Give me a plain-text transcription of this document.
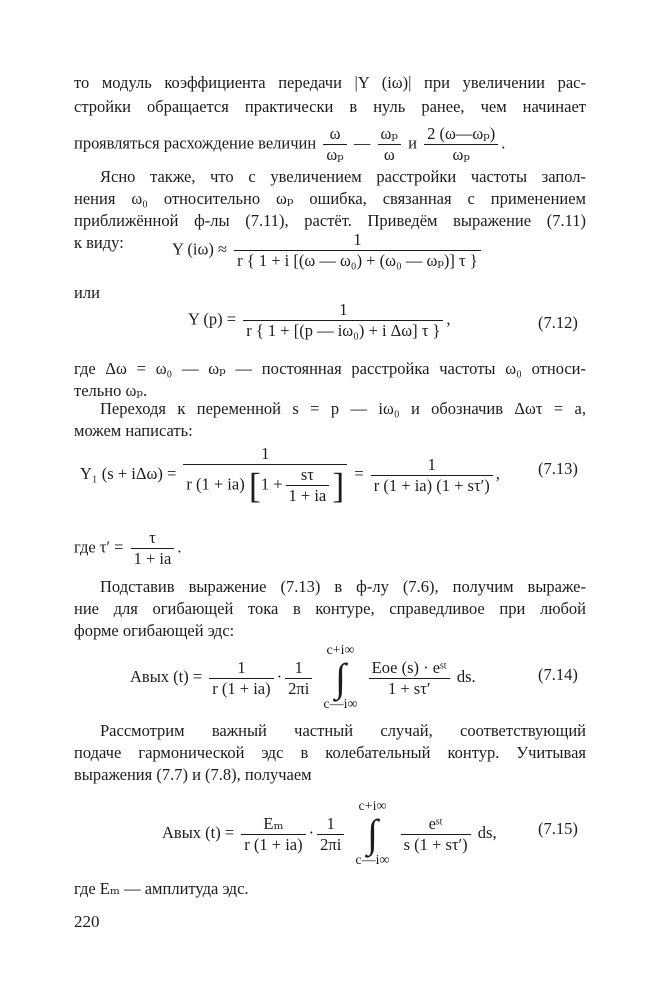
то модуль коэффициента передачи |Y (iω)| при увеличении рас-
стройки обращается практически в нуль ранее, чем начинает
проявляться расхождение величин $\frac{\omega}{\text{ωₚ}}$ — $\frac{\text{ωₚ}}{\omega}$ и $\frac{\text{2 (ω—ωₚ)}}{\text{ωₚ}}$ .
Ясно также, что с увеличением расстройки частоты запол-
нения ω₀ относительно ωₚ ошибка, связанная с применением
приближённой ф-лы (7.11), растёт. Приведём выражение (7.11)
к виду:	Y $(i\omega) \approx \frac{1}{\text{r \{ 1 + i [(ω — ω₀) + (ω₀ — ωₚ)] τ \}}}$
или
Y $(p) = \frac{1}{\text{r \{ 1 + [(p — iω₀) + i Δω] τ \}}}$ ,	(7.12)
где Δω = ω₀ — ωₚ — постоянная расстройка частоты ω₀ относи-
тельно ωₚ.
Переходя к переменной s = p — iω₀ и обозначив Δωτ = a,
можем написать:
Y₁ $(s + i\Delta\omega) = \frac{1}{r (1 + ia) [1 + \frac{s\tau}{1 + ia} ]} = \frac{1}{r (1 + ia) (1 + s\tau')}$ , (7.13)
где $\tau' = \frac{\tau}{1 + ia}$ .
Подставив выражение (7.13) в ф-лу (7.6), получим выраже-
ние для огибающей тока в контуре, справедливое при любой
форме огибающей эдс:
Aвых $(t) = \frac{1}{r (1 + ia)} \cdot \frac{1}{2\pi i}$
c+i∞
∫
c—i∞
$\frac{\text{Eое (s) · eˢᵗ}}{1 + s\tau'}$ ds.	(7.14)
Рассмотрим важный частный случай, соответствующий
подаче гармонической эдс в колебательный контур. Учитывая
выражения (7.7) и (7.8), получаем
Aвых $(t) = \frac{\text{Eₘ}}{r (1 + ia)} \cdot \frac{1}{2\pi i}$
c+i∞
∫
c—i∞
$\frac{\text{eˢᵗ}}{s (1 + s\tau')}$ ds,	(7.15)
где Eₘ — амплитуда эдс.
220
